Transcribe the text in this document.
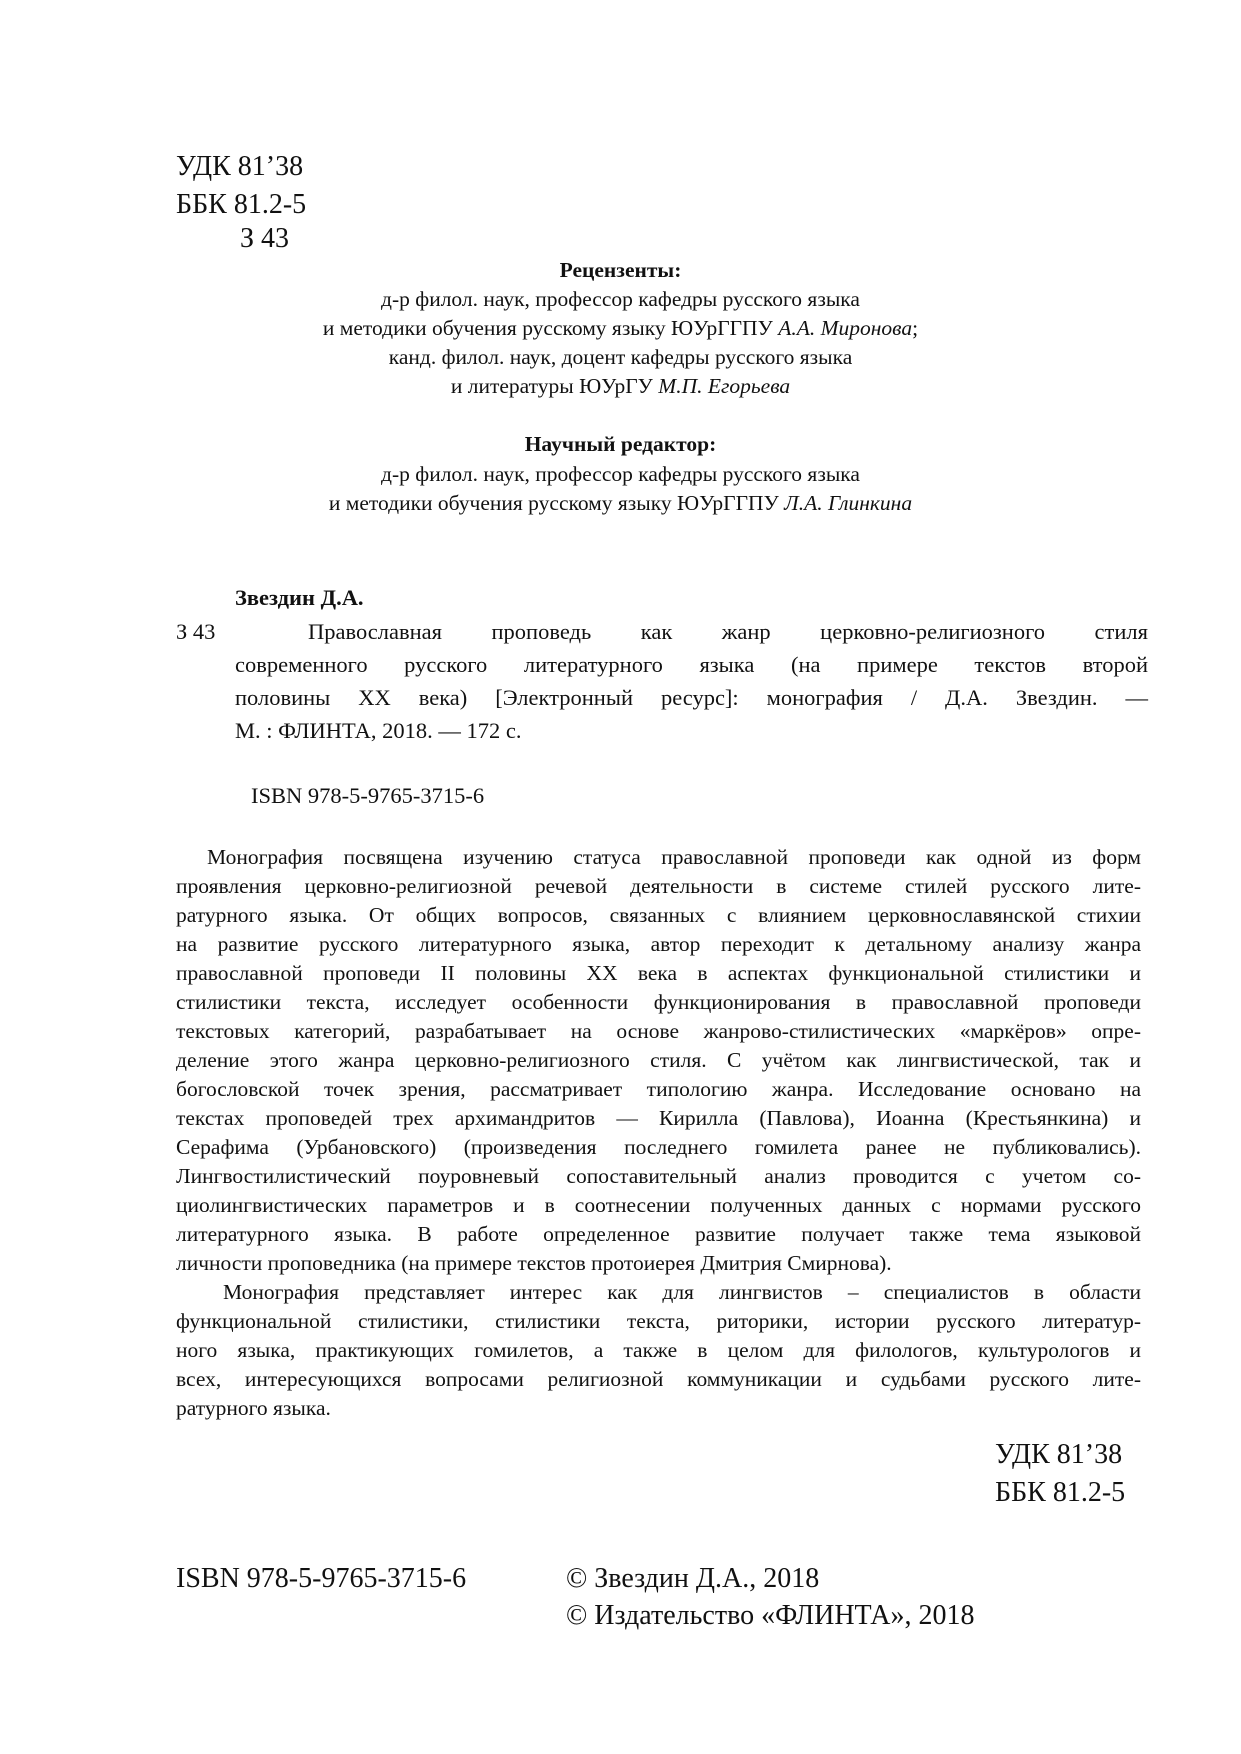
УДК 81’38
ББК 81.2-5
З 43
Рецензенты:
д-р филол. наук, профессор кафедры русского языка
и методики обучения русскому языку ЮУрГГПУ А.А. Миронова;
канд. филол. наук, доцент кафедры русского языка
и литературы ЮУрГУ М.П. Егорьева
Научный редактор:
д-р филол. наук, профессор кафедры русского языка
и методики обучения русскому языку ЮУрГГПУ Л.А. Глинкина
Звездин Д.А.
З 43	Православная проповедь как жанр церковно-религиозного стиля
современного русского литературного языка (на примере текстов второй
половины XX века) [Электронный ресурс]: монография / Д.А. Звездин. —
М. : ФЛИНТА, 2018. — 172 с.
ISBN 978-5-9765-3715-6
Монография посвящена изучению статуса православной проповеди как одной из форм
проявления церковно-религиозной речевой деятельности в системе стилей русского лите-
ратурного языка. От общих вопросов, связанных с влиянием церковнославянской стихии
на развитие русского литературного языка, автор переходит к детальному анализу жанра
православной проповеди II половины XX века в аспектах функциональной стилистики и
стилистики текста, исследует особенности функционирования в православной проповеди
текстовых категорий, разрабатывает на основе жанрово-стилистических «маркёров» опре-
деление этого жанра церковно-религиозного стиля. С учётом как лингвистической, так и
богословской точек зрения, рассматривает типологию жанра. Исследование основано на
текстах проповедей трех архимандритов — Кирилла (Павлова), Иоанна (Крестьянкина) и
Серафима (Урбановского) (произведения последнего гомилета ранее не публиковались).
Лингвостилистический поуровневый сопоставительный анализ проводится с учетом со-
циолингвистических параметров и в соотнесении полученных данных с нормами русского
литературного языка. В работе определенное развитие получает также тема языковой
личности проповедника (на примере текстов протоиерея Дмитрия Смирнова).
Монография представляет интерес как для лингвистов – специалистов в области
функциональной стилистики, стилистики текста, риторики, истории русского литератур-
ного языка, практикующих гомилетов, а также в целом для филологов, культурологов и
всех, интересующихся вопросами религиозной коммуникации и судьбами русского лите-
ратурного языка.
УДК 81’38
ББК 81.2-5
ISBN 978-5-9765-3715-6	© Звездин Д.А., 2018
© Издательство «ФЛИНТА», 2018
